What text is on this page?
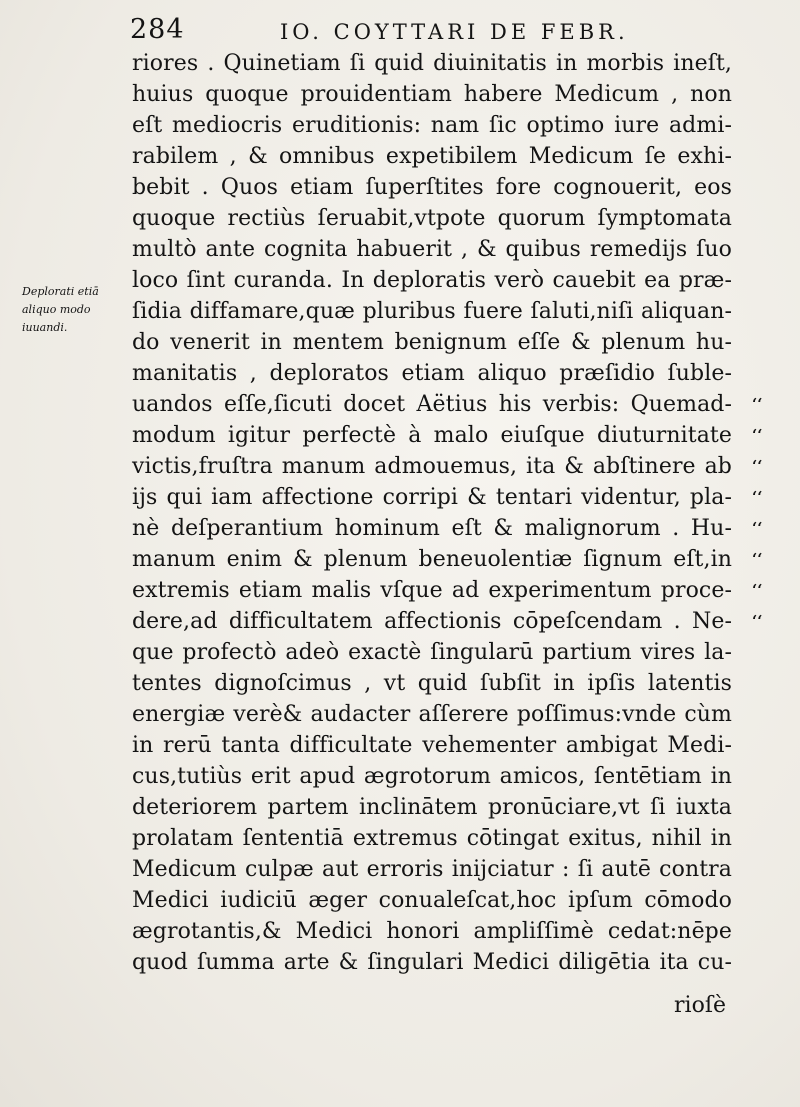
284	IO. COYTTARI DE FEBR.
Deplorati etiā
aliquo modo
iuuandi.
riores . Quinetiam ſi quid diuinitatis in morbis ineſt,
huius quoque prouidentiam habere Medicum , non
eſt mediocris eruditionis: nam ſic optimo iure admi-
rabilem , & omnibus expetibilem Medicum ſe exhi-
bebit . Quos etiam ſuperſtites fore cognouerit, eos
quoque rectiùs ſeruabit,vtpote quorum ſymptomata
multò ante cognita habuerit , & quibus remedijs ſuo
loco ſint curanda. In deploratis verò cauebit ea præ-
ſidia diffamare,quæ pluribus fuere ſaluti,niſi aliquan-
do venerit in mentem benignum eſſe & plenum hu-
manitatis , deploratos etiam aliquo præſidio ſuble-
uandos eſſe,ſicuti docet Aëtius his verbis: Quemad-
modum igitur perfectè à malo eiuſque diuturnitate
victis,fruſtra manum admouemus, ita & abſtinere ab
ijs qui iam affectione corripi & tentari videntur, pla-
nè deſperantium hominum eſt & malignorum . Hu-
manum enim & plenum beneuolentiæ ſignum eſt,in
extremis etiam malis vſque ad experimentum proce-
dere,ad difficultatem affectionis cōpeſcendam . Ne-
que profectò adeò exactè ſingularū partium vires la-
tentes dignoſcimus , vt quid ſubſit in ipſis latentis
energiæ verè& audacter aſſerere poſſimus:vnde cùm
in rerū tanta difficultate vehementer ambigat Medi-
cus,tutiùs erit apud ægrotorum amicos, ſentētiam in
deteriorem partem inclinātem pronūciare,vt ſi iuxta
prolatam ſententiā extremus cōtingat exitus, nihil in
Medicum culpæ aut erroris inijciatur : ſi autē contra
Medici iudiciū æger conualeſcat,hoc ipſum cōmodo
ægrotantis,& Medici honori ampliſſimè cedat:nēpe
quod ſumma arte & ſingulari Medici diligētia ita cu-
‘‘
‘‘
‘‘
‘‘
‘‘
‘‘
‘‘
‘‘
rioſè
